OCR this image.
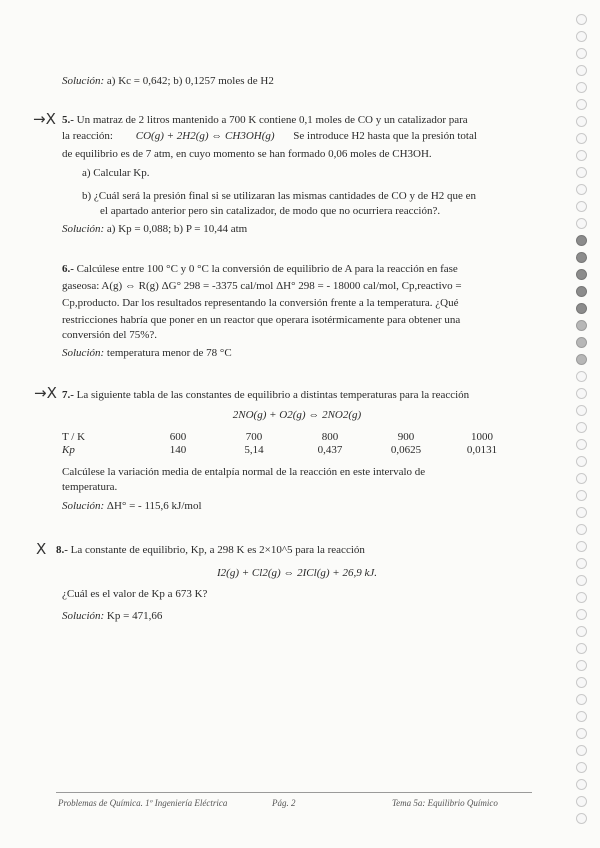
Solución: a) Kc = 0,642; b) 0,1257 moles de H2
→X 5.- Un matraz de 2 litros mantenido a 700 K contiene 0,1 moles de CO y un catalizador para
la reacción: CO(g) + 2H2(g) ⇔ CH3OH(g) Se introduce H2 hasta que la presión total
de equilibrio es de 7 atm, en cuyo momento se han formado 0,06 moles de CH3OH.
a) Calcular Kp.
b) ¿Cuál será la presión final si se utilizaran las mismas cantidades de CO y de H2 que en
el apartado anterior pero sin catalizador, de modo que no ocurriera reacción?.
Solución: a) Kp = 0,088; b) P = 10,44 atm
6.- Calcúlese entre 100 °C y 0 °C la conversión de equilibrio de A para la reacción en fase
gaseosa: A(g) ⇔ R(g) ΔG° 298 = -3375 cal/mol ΔH° 298 = - 18000 cal/mol, Cp,reactivo =
Cp,producto. Dar los resultados representando la conversión frente a la temperatura. ¿Qué
restricciones habría que poner en un reactor que operara isotérmicamente para obtener una
conversión del 75%?.
Solución: temperatura menor de 78 °C
→X 7.- La siguiente tabla de las constantes de equilibrio a distintas temperaturas para la reacción
2NO(g) + O2(g) ⇔ 2NO2(g)
T / K	600	700	800	900	1000
Kp	140	5,14	0,437	0,0625	0,0131
Calcúlese la variación media de entalpía normal de la reacción en este intervalo de
temperatura.
Solución: ΔH° = - 115,6 kJ/mol
X 8.- La constante de equilibrio, Kp, a 298 K es 2×10^5 para la reacción
I2(g) + Cl2(g) ⇔ 2ICl(g) + 26,9 kJ.
¿Cuál es el valor de Kp a 673 K?
Solución: Kp = 471,66
Problemas de Química. 1º Ingeniería Eléctrica	Pág. 2	Tema 5a: Equilibrio Químico
